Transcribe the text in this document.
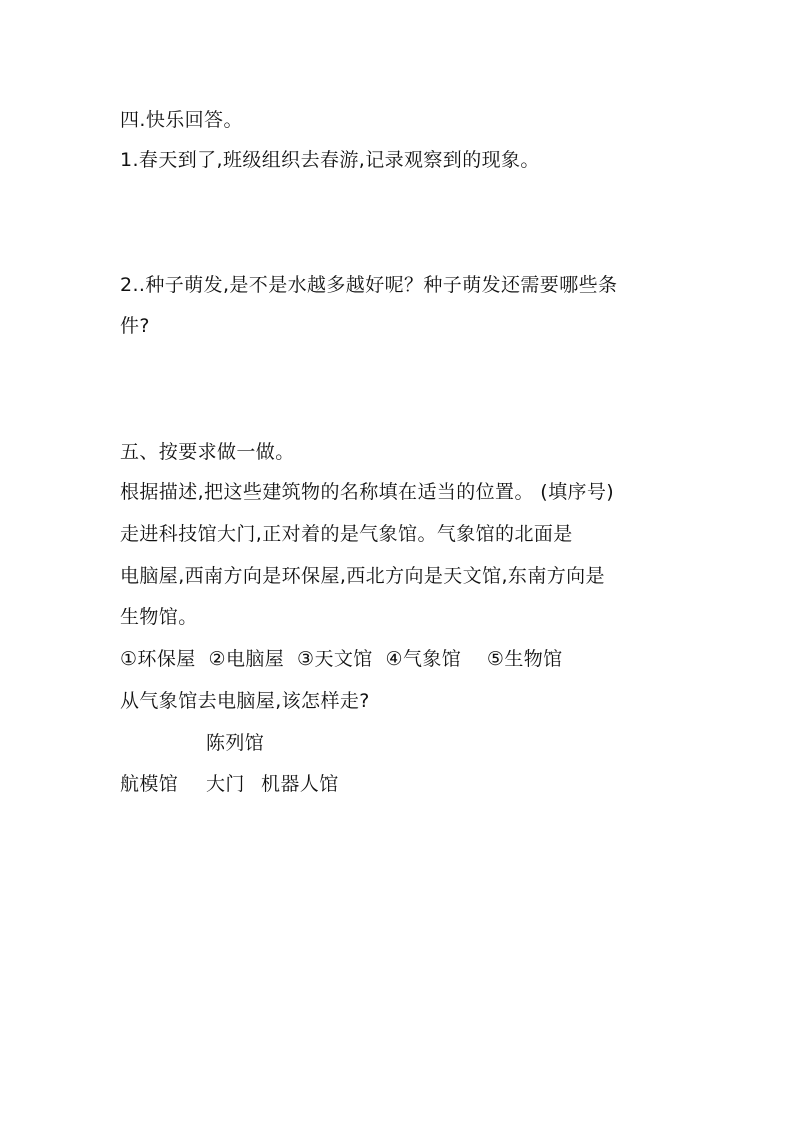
四.快乐回答。
1.春天到了,班级组织去春游,记录观察到的现象。
2..种子萌发,是不是水越多越好呢？种子萌发还需要哪些条
件?
五、按要求做一做。
根据描述,把这些建筑物的名称填在适当的位置。 (填序号)
走进科技馆大门,正对着的是气象馆。气象馆的北面是
电脑屋,西南方向是环保屋,西北方向是天文馆,东南方向是
生物馆。
①环保屋  ②电脑屋  ③天文馆  ④气象馆    ⑤生物馆
从气象馆去电脑屋,该怎样走?
陈列馆
航模馆 大门 机器人馆
